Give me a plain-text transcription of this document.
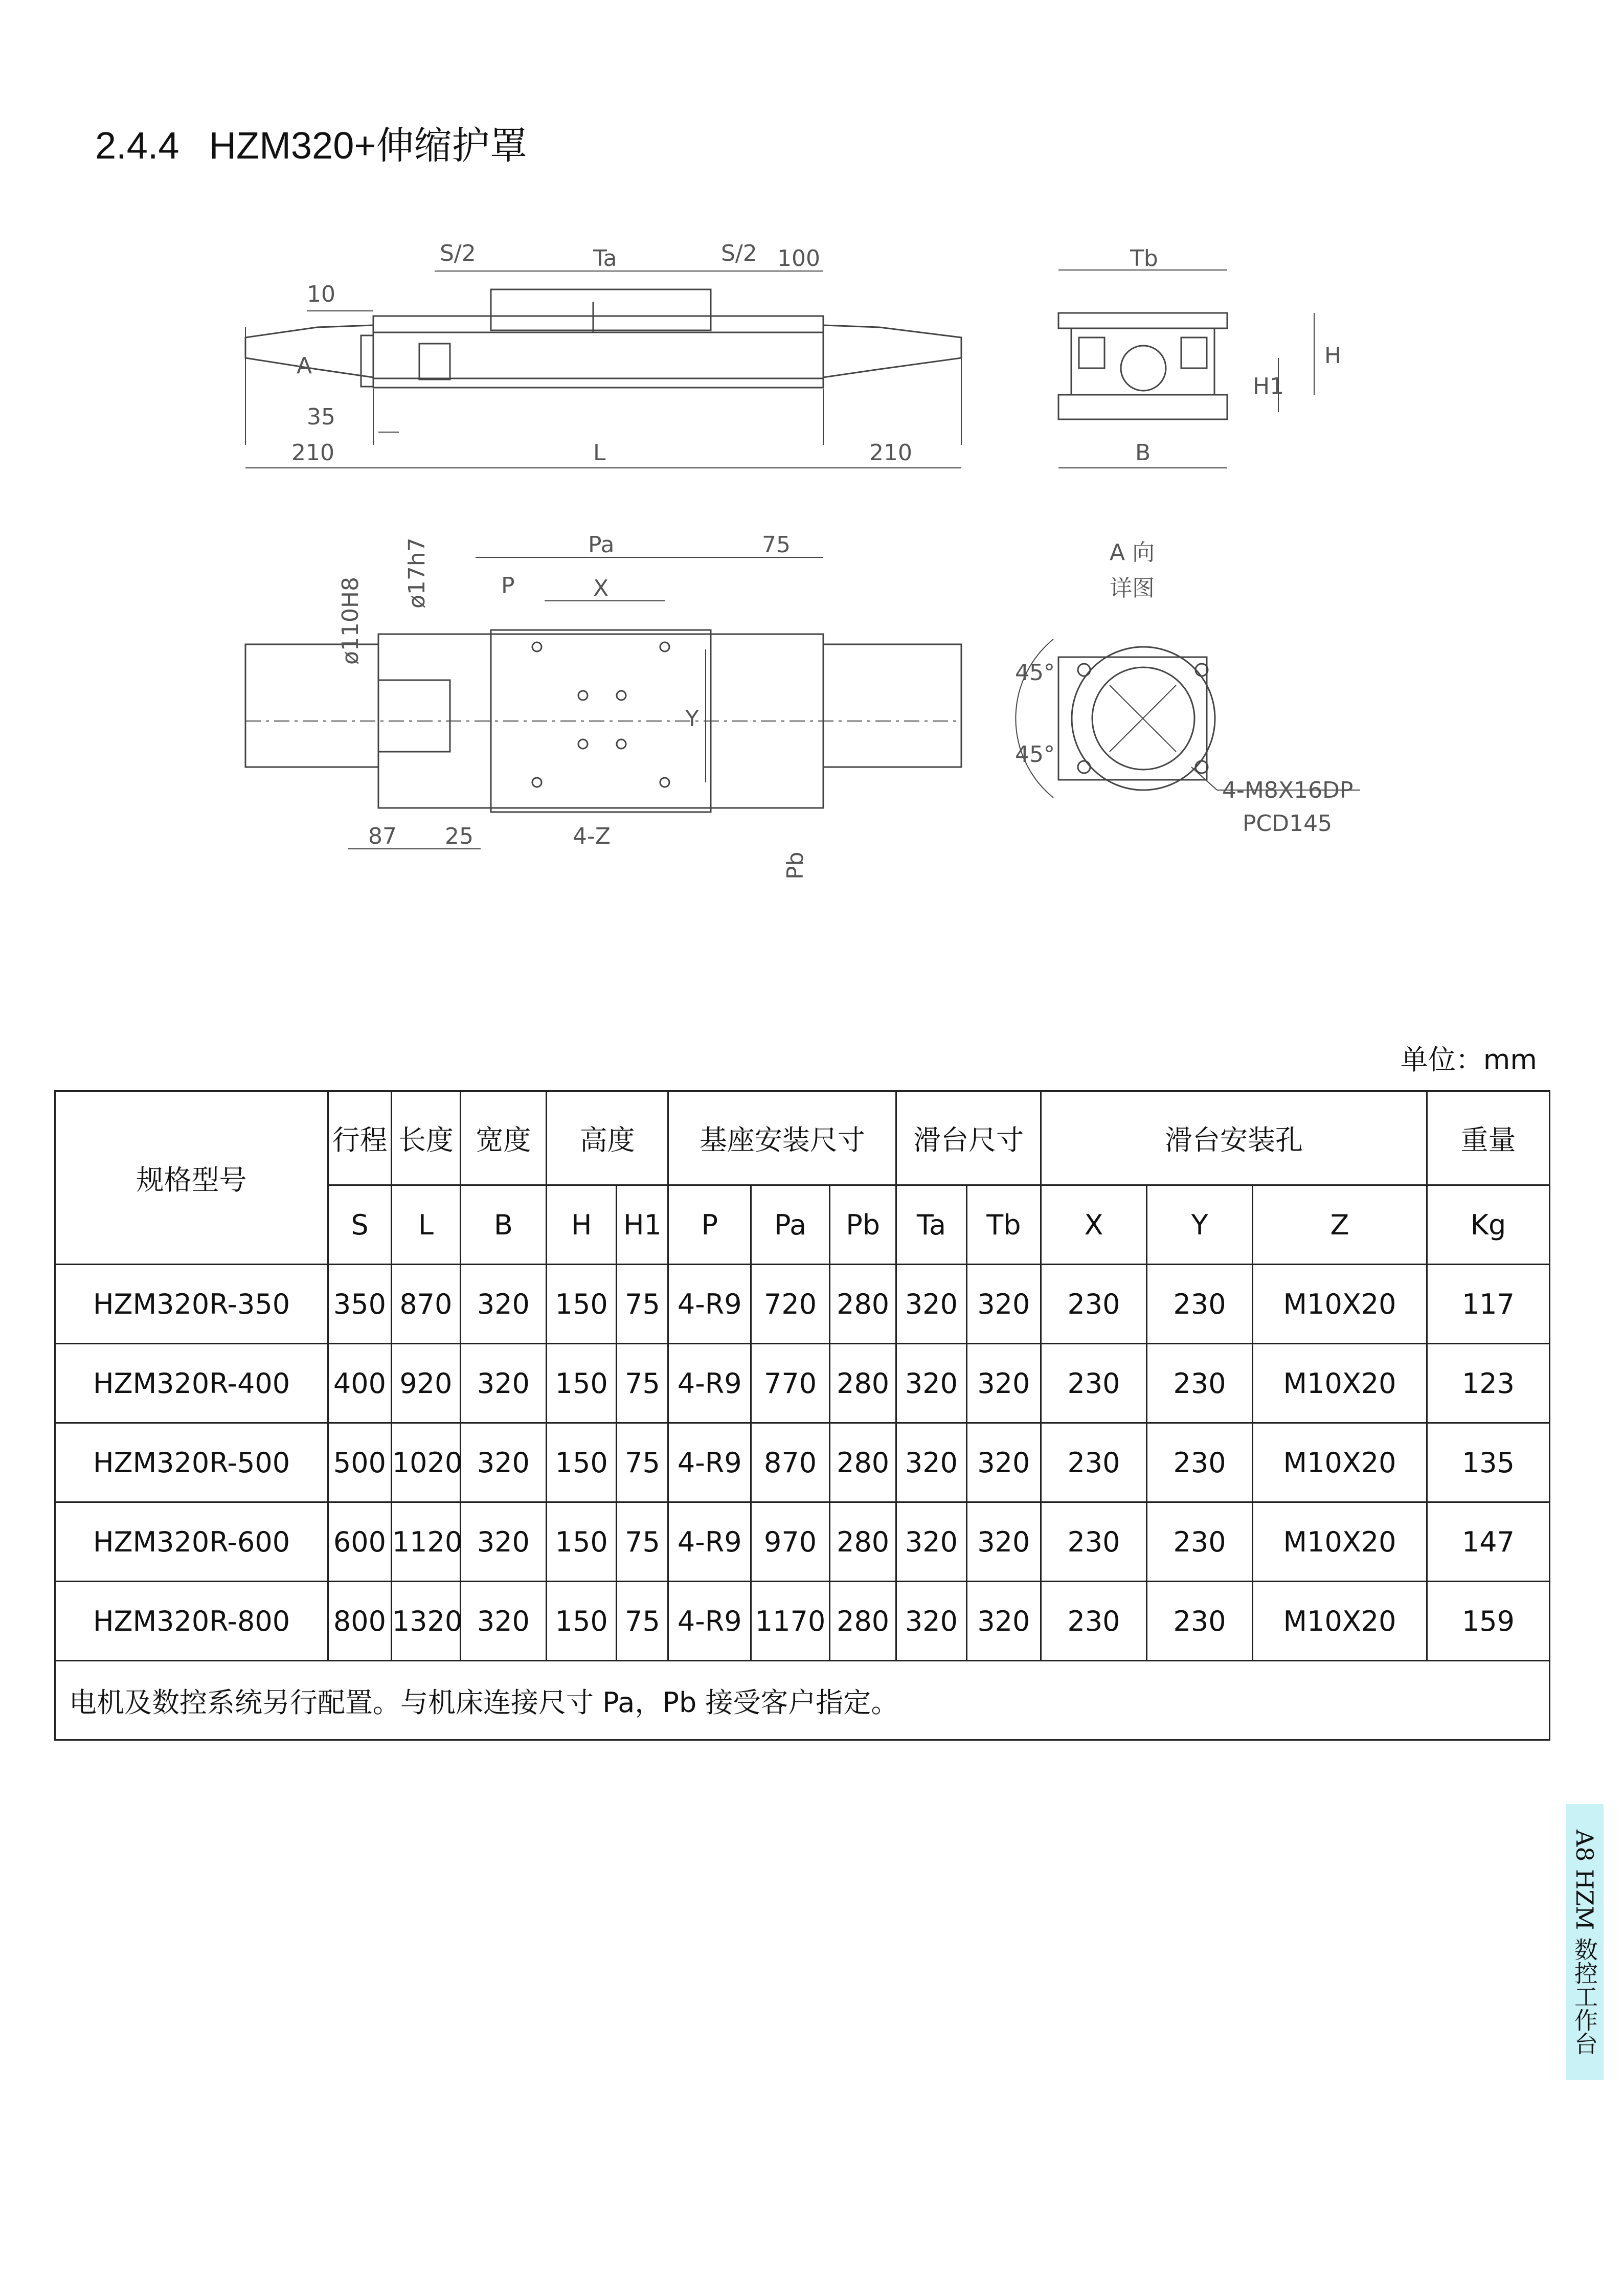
2.4.4 HZM320+伸缩护罩
S/2	Ta	S/2 100
10
A
35
210	L	210
Tb
H
H1
B
Pa	75
P	X
Y
ø110H8
ø17h7
87 25	4-Z
Pb
A 向
详图
45°
45°
4-M8X16DP
PCD145
单位：mm
规格型号	行程	长度	宽度	高度		基座安装尺寸			滑台尺寸		滑台安装孔			重量
	S	L	B	H	H1	P	Pa	Pb	Ta	Tb	X	Y	Z	Kg
HZM320R-350	350	870	320	150	75	4-R9	720	280	320	320	230	230	M10X20	117
HZM320R-400	400	920	320	150	75	4-R9	770	280	320	320	230	230	M10X20	123
HZM320R-500	500	1020	320	150	75	4-R9	870	280	320	320	230	230	M10X20	135
HZM320R-600	600	1120	320	150	75	4-R9	970	280	320	320	230	230	M10X20	147
HZM320R-800	800	1320	320	150	75	4-R9	1170	280	320	320	230	230	M10X20	159
电机及数控系统另行配置。与机床连接尺寸 Pa，Pb 接受客户指定。														
A8 HZM 数控工作台
